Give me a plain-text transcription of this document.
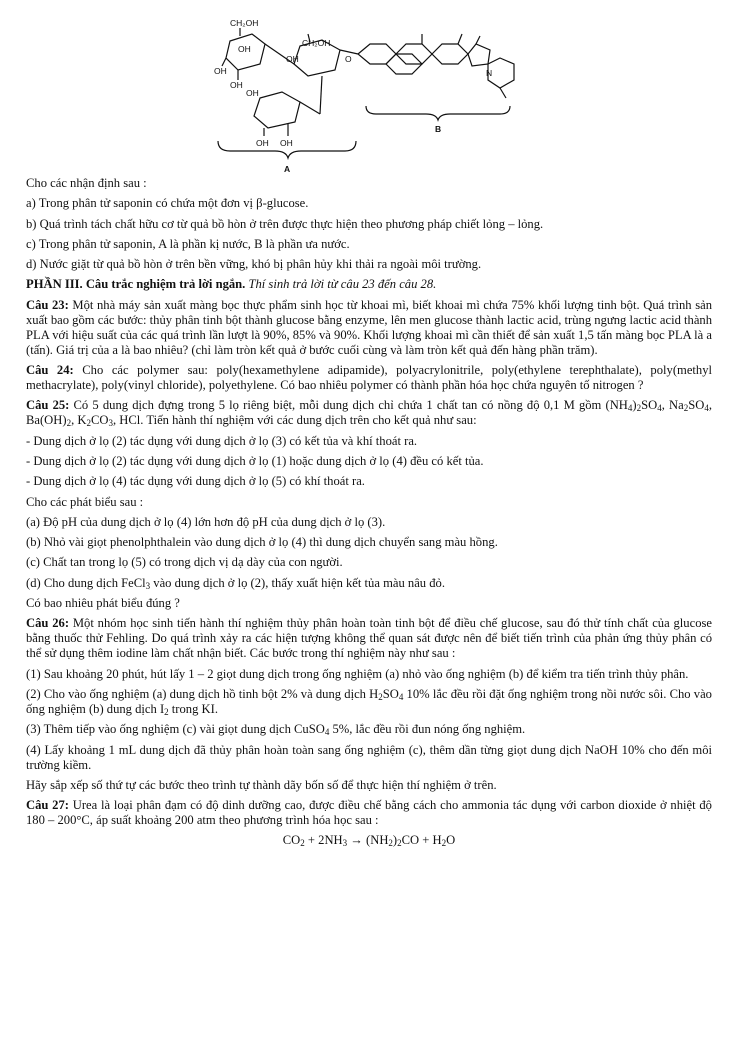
CH₂OH
OH
OH
OH
CH₂OH
OH	O
OH
OH OH
N
A
B

Cho các nhận định sau :

a) Trong phân tử saponin có chứa một đơn vị β-glucose.

b) Quá trình tách chất hữu cơ từ quả bồ hòn ở trên được thực hiện theo phương pháp chiết lỏng – lỏng.

c) Trong phân tử saponin, A là phần kị nước, B là phần ưa nước.

d) Nước giặt từ quả bồ hòn ở trên bền vững, khó bị phân hủy khi thải ra ngoài môi trường.

PHẦN III. Câu trắc nghiệm trả lời ngắn. Thí sinh trả lời từ câu 23 đến câu 28.

Câu 23: Một nhà máy sản xuất màng bọc thực phẩm sinh học từ khoai mì, biết khoai mì chứa 75% khối lượng tinh bột. Quá trình sản xuất bao gồm các bước: thủy phân tinh bột thành glucose bằng enzyme, lên men glucose thành lactic acid, trùng ngưng lactic acid thành PLA với hiệu suất của các quá trình lần lượt là 90%, 85% và 90%. Khối lượng khoai mì cần thiết để sản xuất 1,5 tấn màng bọc PLA là a (tấn). Giá trị của a là bao nhiêu? (chỉ làm tròn kết quả ở bước cuối cùng và làm tròn kết quả đến hàng phần trăm).

Câu 24: Cho các polymer sau: poly(hexamethylene adipamide), polyacrylonitrile, poly(ethylene terephthalate), poly(methyl methacrylate), poly(vinyl chloride), polyethylene. Có bao nhiêu polymer có thành phần hóa học chứa nguyên tố nitrogen ?

Câu 25: Có 5 dung dịch đựng trong 5 lọ riêng biệt, mỗi dung dịch chỉ chứa 1 chất tan có nồng độ 0,1 M gồm $(NH_4)_2SO_4$, $Na_2SO_4$, $Ba(OH)_2$, $K_2CO_3$, HCl. Tiến hành thí nghiệm với các dung dịch trên cho kết quả như sau:

- Dung dịch ở lọ (2) tác dụng với dung dịch ở lọ (3) có kết tủa và khí thoát ra.

- Dung dịch ở lọ (2) tác dụng với dung dịch ở lọ (1) hoặc dung dịch ở lọ (4) đều có kết tủa.

- Dung dịch ở lọ (4) tác dụng với dung dịch ở lọ (5) có khí thoát ra.

Cho các phát biểu sau :

(a) Độ pH của dung dịch ở lọ (4) lớn hơn độ pH của dung dịch ở lọ (3).

(b) Nhỏ vài giọt phenolphthalein vào dung dịch ở lọ (4) thì dung dịch chuyển sang màu hồng.

(c) Chất tan trong lọ (5) có trong dịch vị dạ dày của con người.

(d) Cho dung dịch FeCl$_3$ vào dung dịch ở lọ (2), thấy xuất hiện kết tủa màu nâu đỏ.

Có bao nhiêu phát biểu đúng ?

Câu 26: Một nhóm học sinh tiến hành thí nghiệm thủy phân hoàn toàn tinh bột để điều chế glucose, sau đó thử tính chất của glucose bằng thuốc thử Fehling. Do quá trình xảy ra các hiện tượng không thể quan sát được nên để biết tiến trình của phản ứng thủy phân có thể sử dụng thêm iodine làm chất nhận biết. Các bước trong thí nghiệm này như sau :

(1) Sau khoảng 20 phút, hút lấy 1 – 2 giọt dung dịch trong ống nghiệm (a) nhỏ vào ống nghiệm (b) để kiểm tra tiến trình thủy phân.

(2) Cho vào ống nghiệm (a) dung dịch hồ tinh bột 2% và dung dịch $H_2SO_4$ 10% lắc đều rồi đặt ống nghiệm trong nồi nước sôi. Cho vào ống nghiệm (b) dung dịch $I_2$ trong KI.

(3) Thêm tiếp vào ống nghiệm (c) vài giọt dung dịch CuSO$_4$ 5%, lắc đều rồi đun nóng ống nghiệm.

(4) Lấy khoảng 1 mL dung dịch đã thủy phân hoàn toàn sang ống nghiệm (c), thêm dần từng giọt dung dịch NaOH 10% cho đến môi trường kiềm.

Hãy sắp xếp số thứ tự các bước theo trình tự thành dãy bốn số để thực hiện thí nghiệm ở trên.

Câu 27: Urea là loại phân đạm có độ dinh dưỡng cao, được điều chế bằng cách cho ammonia tác dụng với carbon dioxide ở nhiệt độ 180 – 200°C, áp suất khoảng 200 atm theo phương trình hóa học sau :

$CO_2 + 2NH_3 \to (NH_2)_2CO + H_2O$
